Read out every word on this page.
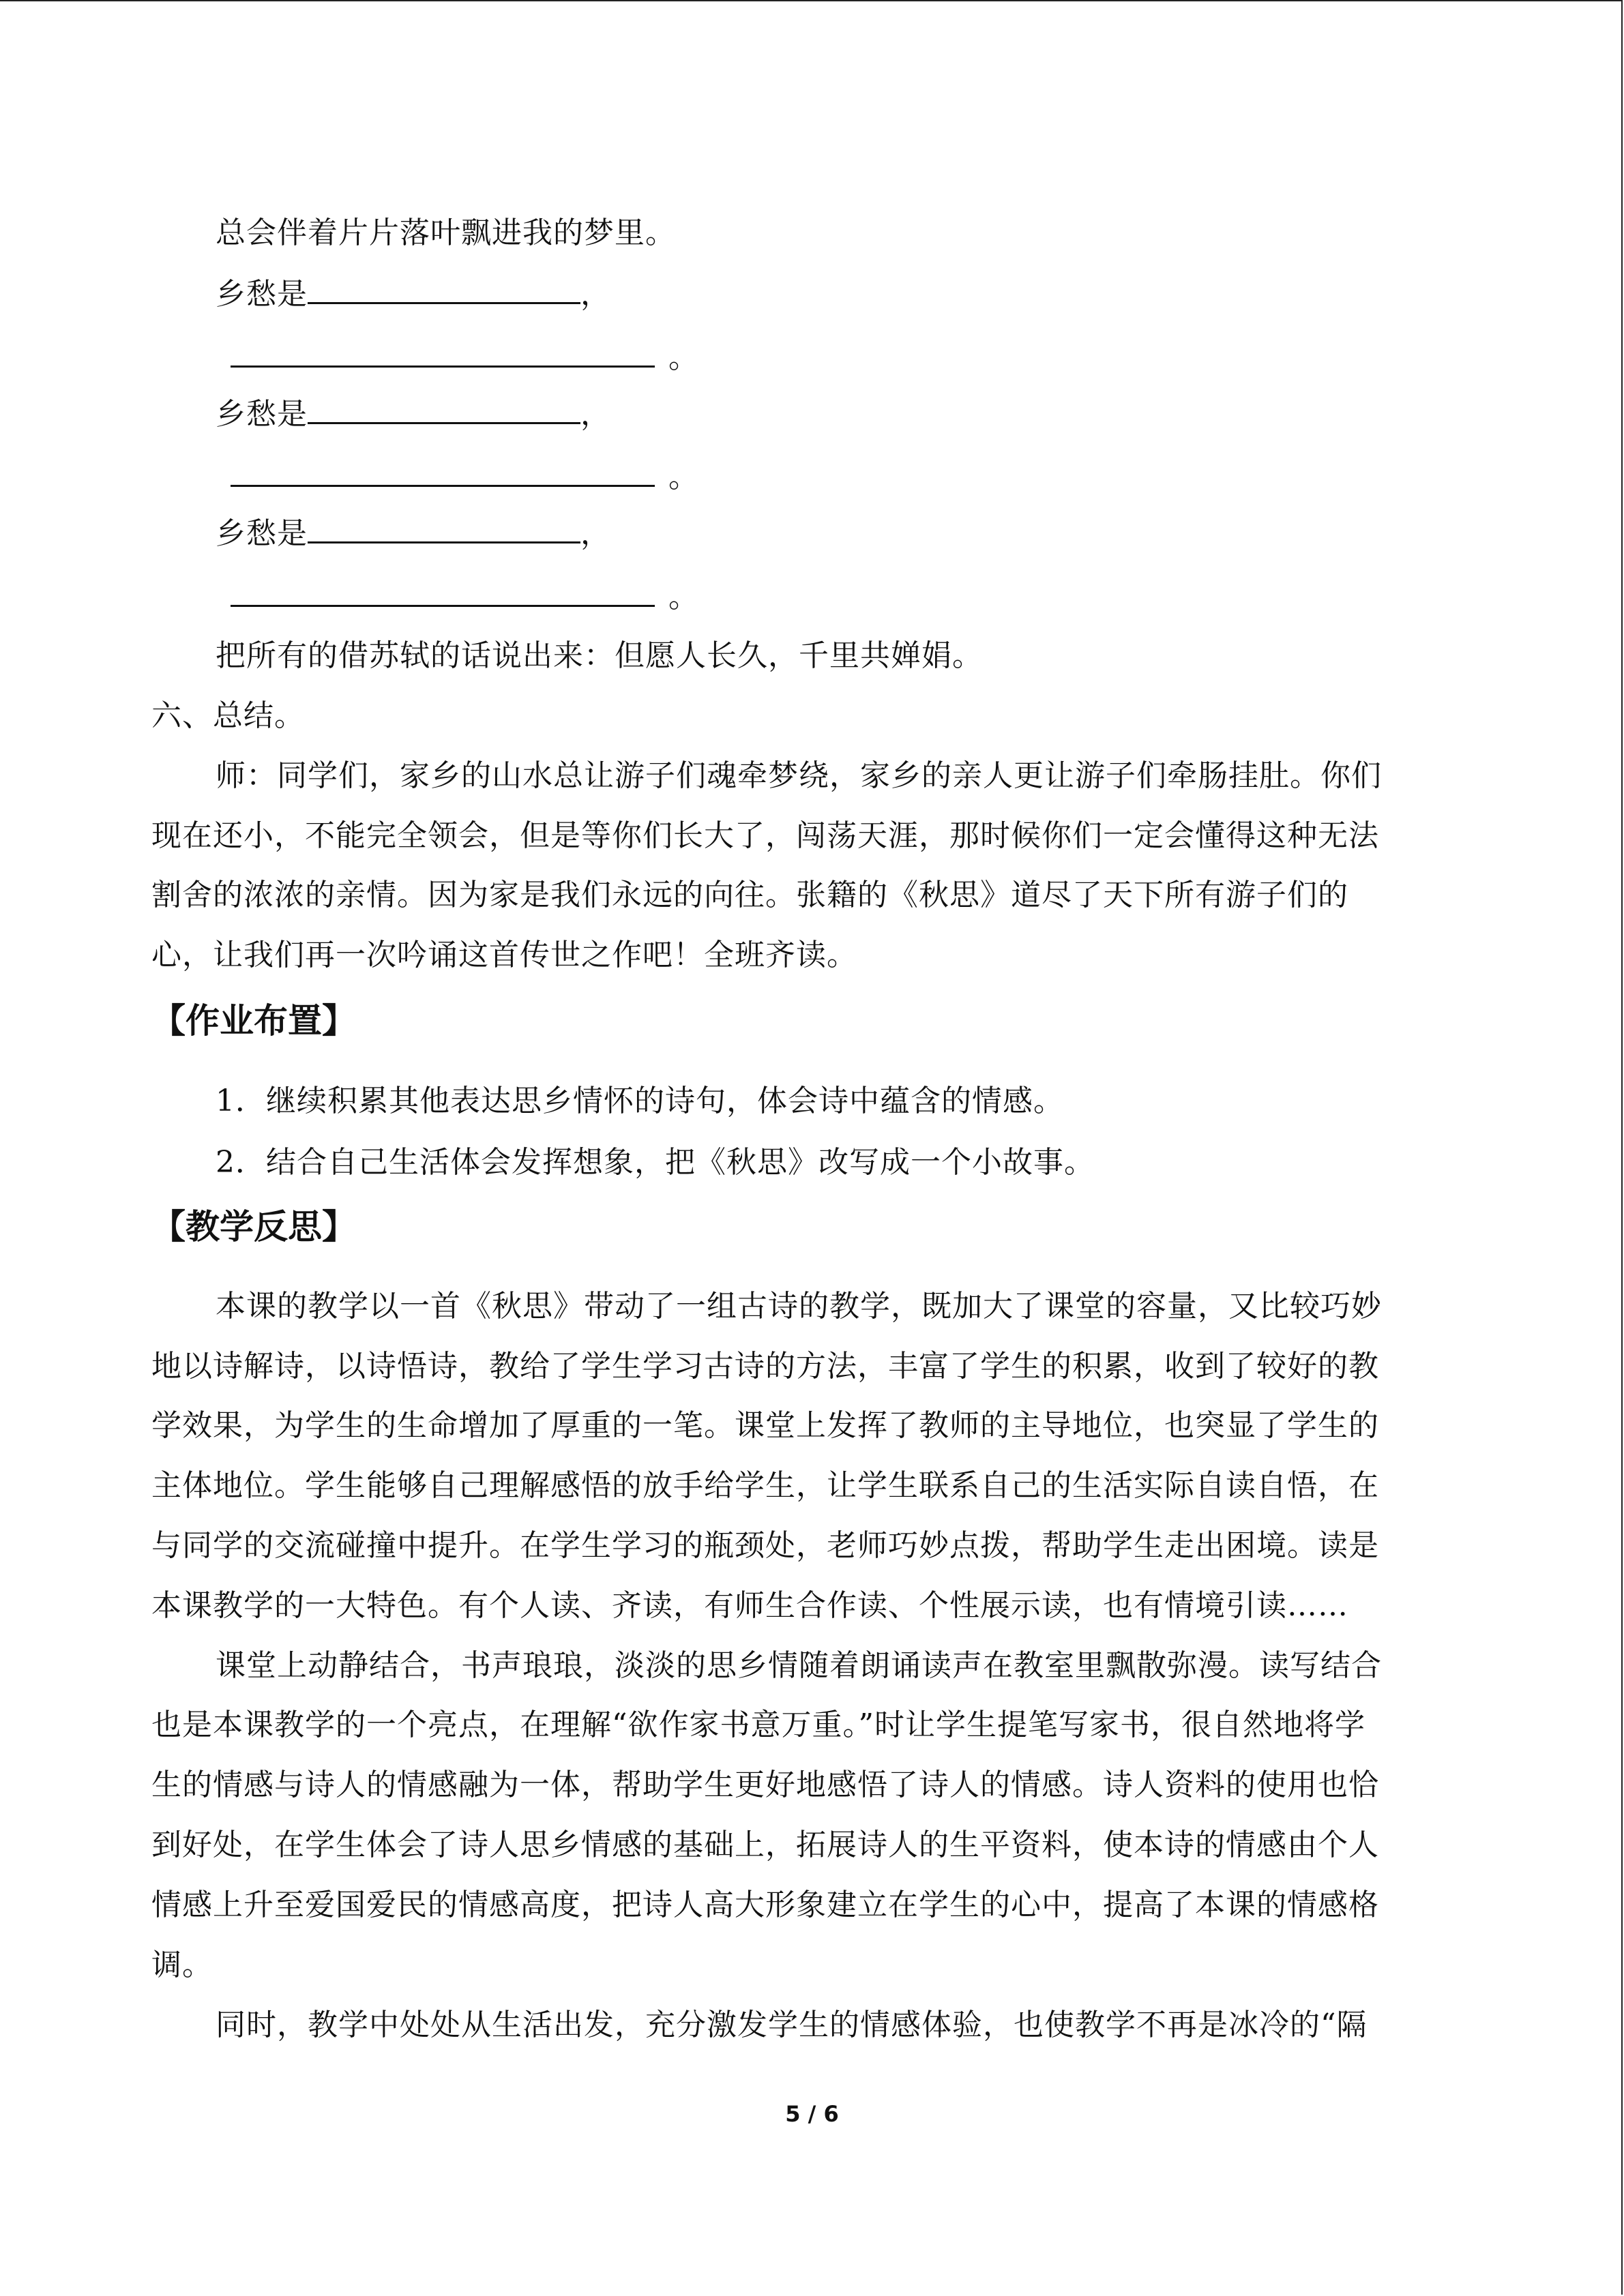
总会伴着片片落叶飘进我的梦里。
乡愁是	，
。
乡愁是	，
。
乡愁是	，
。
把所有的借苏轼的话说出来：但愿人长久，千里共婵娟。
六、总结。
师：同学们，家乡的山水总让游子们魂牵梦绕，家乡的亲人更让游子们牵肠挂肚。你们
现在还小，不能完全领会，但是等你们长大了，闯荡天涯，那时候你们一定会懂得这种无法
割舍的浓浓的亲情。因为家是我们永远的向往。张籍的《秋思》道尽了天下所有游子们的
心，让我们再一次吟诵这首传世之作吧！全班齐读。
【作业布置】
1．继续积累其他表达思乡情怀的诗句，体会诗中蕴含的情感。
2．结合自己生活体会发挥想象，把《秋思》改写成一个小故事。
【教学反思】
本课的教学以一首《秋思》带动了一组古诗的教学，既加大了课堂的容量，又比较巧妙
地以诗解诗，以诗悟诗，教给了学生学习古诗的方法，丰富了学生的积累，收到了较好的教
学效果，为学生的生命增加了厚重的一笔。课堂上发挥了教师的主导地位，也突显了学生的
主体地位。学生能够自己理解感悟的放手给学生，让学生联系自己的生活实际自读自悟，在
与同学的交流碰撞中提升。在学生学习的瓶颈处，老师巧妙点拨，帮助学生走出困境。读是
本课教学的一大特色。有个人读、齐读，有师生合作读、个性展示读，也有情境引读……
课堂上动静结合，书声琅琅，淡淡的思乡情随着朗诵读声在教室里飘散弥漫。读写结合
也是本课教学的一个亮点，在理解“欲作家书意万重。”时让学生提笔写家书，很自然地将学
生的情感与诗人的情感融为一体，帮助学生更好地感悟了诗人的情感。诗人资料的使用也恰
到好处，在学生体会了诗人思乡情感的基础上，拓展诗人的生平资料，使本诗的情感由个人
情感上升至爱国爱民的情感高度，把诗人高大形象建立在学生的心中，提高了本课的情感格
调。
同时，教学中处处从生活出发，充分激发学生的情感体验，也使教学不再是冰冷的“隔
5 / 6
